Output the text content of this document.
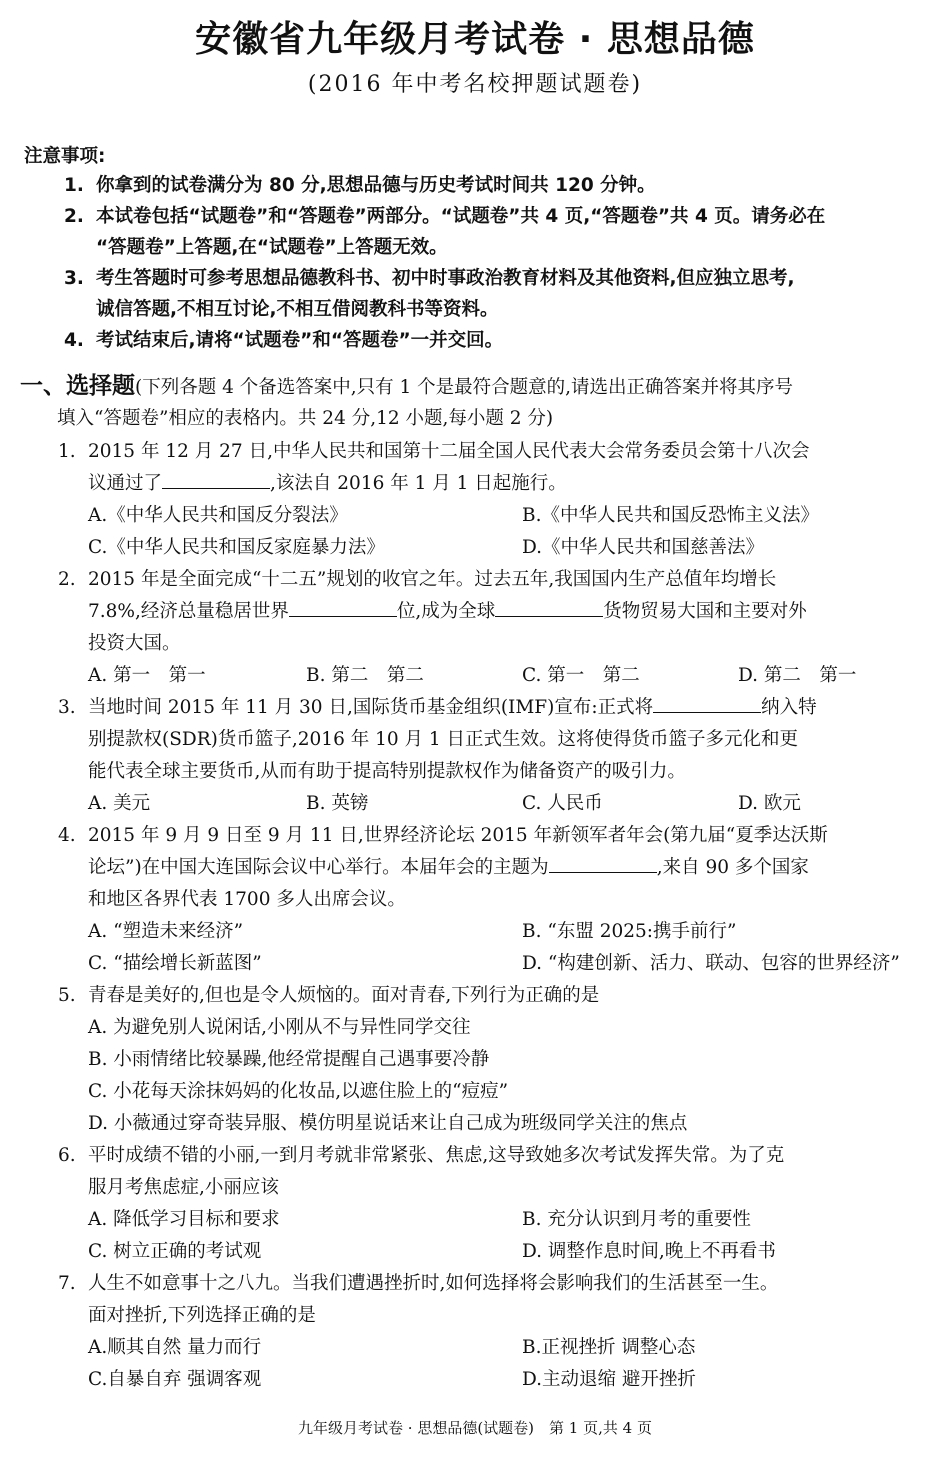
安徽省九年级月考试卷 · 思想品德
(2016 年中考名校押题试题卷)
注意事项:
1. 你拿到的试卷满分为 80 分,思想品德与历史考试时间共 120 分钟。
2. 本试卷包括“试题卷”和“答题卷”两部分。“试题卷”共 4 页,“答题卷”共 4 页。请务必在
“答题卷”上答题,在“试题卷”上答题无效。
3. 考生答题时可参考思想品德教科书、初中时事政治教育材料及其他资料,但应独立思考,
诚信答题,不相互讨论,不相互借阅教科书等资料。
4. 考试结束后,请将“试题卷”和“答题卷”一并交回。
一、选择题(下列各题 4 个备选答案中,只有 1 个是最符合题意的,请选出正确答案并将其序号
填入“答题卷”相应的表格内。共 24 分,12 小题,每小题 2 分)
1. 2015 年 12 月 27 日,中华人民共和国第十二届全国人民代表大会常务委员会第十八次会
议通过了	,该法自 2016 年 1 月 1 日起施行。
A.《中华人民共和国反分裂法》	B.《中华人民共和国反恐怖主义法》
C.《中华人民共和国反家庭暴力法》	D.《中华人民共和国慈善法》
2. 2015 年是全面完成“十二五”规划的收官之年。过去五年,我国国内生产总值年均增长
7.8%,经济总量稳居世界	位,成为全球	货物贸易大国和主要对外
投资大国。
A. 第一　第一	B. 第二　第二	C. 第一　第二	D. 第二　第一
3. 当地时间 2015 年 11 月 30 日,国际货币基金组织(IMF)宣布:正式将	纳入特
别提款权(SDR)货币篮子,2016 年 10 月 1 日正式生效。这将使得货币篮子多元化和更
能代表全球主要货币,从而有助于提高特别提款权作为储备资产的吸引力。
A. 美元	B. 英镑	C. 人民币	D. 欧元
4. 2015 年 9 月 9 日至 9 月 11 日,世界经济论坛 2015 年新领军者年会(第九届“夏季达沃斯
论坛”)在中国大连国际会议中心举行。本届年会的主题为	,来自 90 多个国家
和地区各界代表 1700 多人出席会议。
A. “塑造未来经济”	B. “东盟 2025:携手前行”
C. “描绘增长新蓝图”	D. “构建创新、活力、联动、包容的世界经济”
5. 青春是美好的,但也是令人烦恼的。面对青春,下列行为正确的是
A. 为避免别人说闲话,小刚从不与异性同学交往
B. 小雨情绪比较暴躁,他经常提醒自己遇事要冷静
C. 小花每天涂抹妈妈的化妆品,以遮住脸上的“痘痘”
D. 小薇通过穿奇装异服、模仿明星说话来让自己成为班级同学关注的焦点
6. 平时成绩不错的小丽,一到月考就非常紧张、焦虑,这导致她多次考试发挥失常。为了克
服月考焦虑症,小丽应该
A. 降低学习目标和要求	B. 充分认识到月考的重要性
C. 树立正确的考试观	D. 调整作息时间,晚上不再看书
7. 人生不如意事十之八九。当我们遭遇挫折时,如何选择将会影响我们的生活甚至一生。
面对挫折,下列选择正确的是
A.顺其自然 量力而行	B.正视挫折 调整心态
C.自暴自弃 强调客观	D.主动退缩 避开挫折
九年级月考试卷 · 思想品德(试题卷)　第 1 页,共 4 页
